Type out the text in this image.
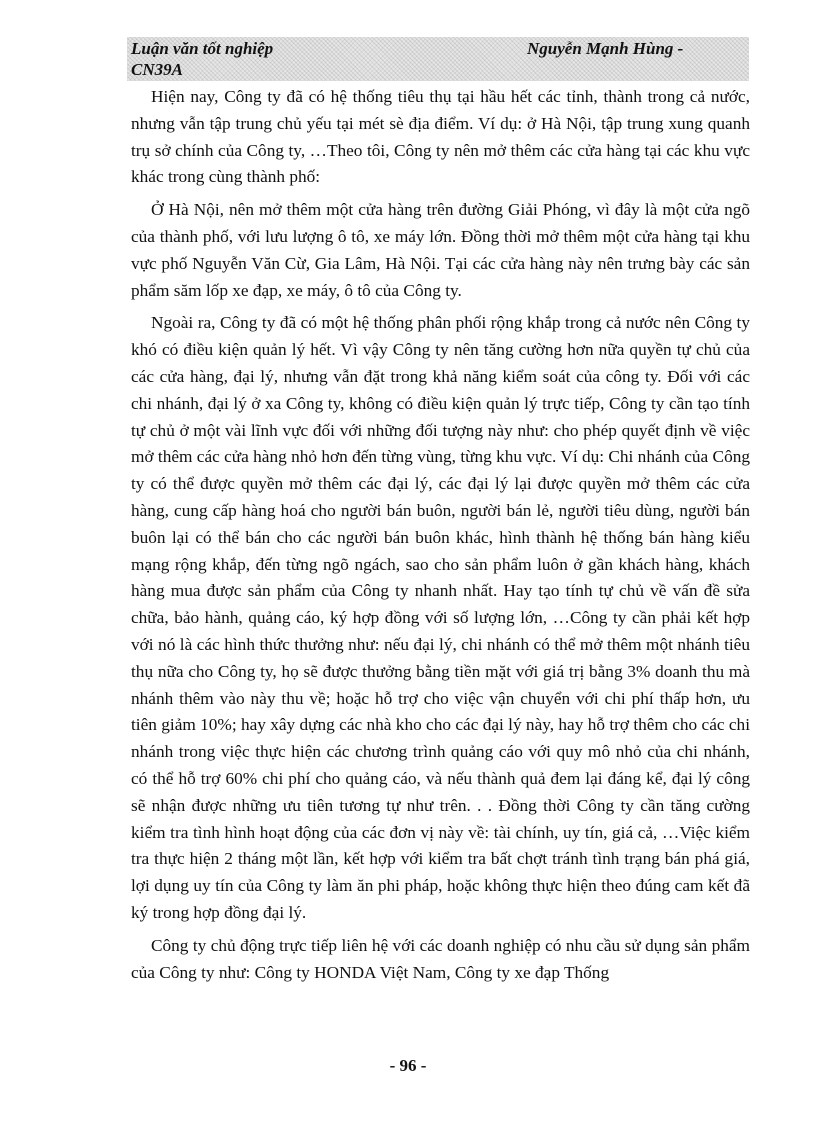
Luận văn tốt nghiệp	Nguyễn Mạnh Hùng -
CN39A

Hiện nay, Công ty đã có hệ thống tiêu thụ tại hầu hết các tỉnh, thành trong cả nước, nhưng vẫn tập trung chủ yếu tại mét sè địa điểm. Ví dụ: ở Hà Nội, tập trung xung quanh trụ sở chính của Công ty, …Theo tôi, Công ty nên mở thêm các cửa hàng tại các khu vực khác trong cùng thành phố:

Ở Hà Nội, nên mở thêm một cửa hàng trên đường Giải Phóng, vì đây là một cửa ngõ của thành phố, với lưu lượng ô tô, xe máy lớn. Đồng thời mở thêm một cửa hàng tại khu vực phố Nguyễn Văn Cừ, Gia Lâm, Hà Nội. Tại các cửa hàng này nên trưng bày các sản phẩm săm lốp xe đạp, xe máy, ô tô của Công ty.

Ngoài ra, Công ty đã có một hệ thống phân phối rộng khắp trong cả nước nên Công ty khó có điều kiện quản lý hết. Vì vậy Công ty nên tăng cường hơn nữa quyền tự chủ của các cửa hàng, đại lý, nhưng vẫn đặt trong khả năng kiểm soát của công ty. Đối với các chi nhánh, đại lý ở xa Công ty, không có điều kiện quản lý trực tiếp, Công ty cần tạo tính tự chủ ở một vài lĩnh vực đối với những đối tượng này như: cho phép quyết định về việc mở thêm các cửa hàng nhỏ hơn đến từng vùng, từng khu vực. Ví dụ: Chi nhánh của Công ty có thể được quyền mở thêm các đại lý, các đại lý lại được quyền mở thêm các cửa hàng, cung cấp hàng hoá cho người bán buôn, người bán lẻ, người tiêu dùng, người bán buôn lại có thể bán cho các người bán buôn khác, hình thành hệ thống bán hàng kiểu mạng rộng khắp, đến từng ngõ ngách, sao cho sản phẩm luôn ở gần khách hàng, khách hàng mua được sản phẩm của Công ty nhanh nhất. Hay tạo tính tự chủ về vấn đề sửa chữa, bảo hành, quảng cáo, ký hợp đồng với số lượng lớn, …Công ty cần phải kết hợp với nó là các hình thức thưởng như: nếu đại lý, chi nhánh có thể mở thêm một nhánh tiêu thụ nữa cho Công ty, họ sẽ được thưởng bằng tiền mặt với giá trị bằng 3% doanh thu mà nhánh thêm vào này thu về; hoặc hỗ trợ cho việc vận chuyển với chi phí thấp hơn, ưu tiên giảm 10%; hay xây dựng các nhà kho cho các đại lý này, hay hỗ trợ thêm cho các chi nhánh trong việc thực hiện các chương trình quảng cáo với quy mô nhỏ của chi nhánh, có thể hỗ trợ 60% chi phí cho quảng cáo, và nếu thành quả đem lại đáng kể, đại lý công sẽ nhận được những ưu tiên tương tự như trên. . . Đồng thời Công ty cần tăng cường kiểm tra tình hình hoạt động của các đơn vị này về: tài chính, uy tín, giá cả, …Việc kiểm tra thực hiện 2 tháng một lần, kết hợp với kiểm tra bất chợt tránh tình trạng bán phá giá, lợi dụng uy tín của Công ty làm ăn phi pháp, hoặc không thực hiện theo đúng cam kết đã ký trong hợp đồng đại lý.

Công ty chủ động trực tiếp liên hệ với các doanh nghiệp có nhu cầu sử dụng sản phẩm của Công ty như: Công ty HONDA Việt Nam, Công ty xe đạp Thống

- 96 -
